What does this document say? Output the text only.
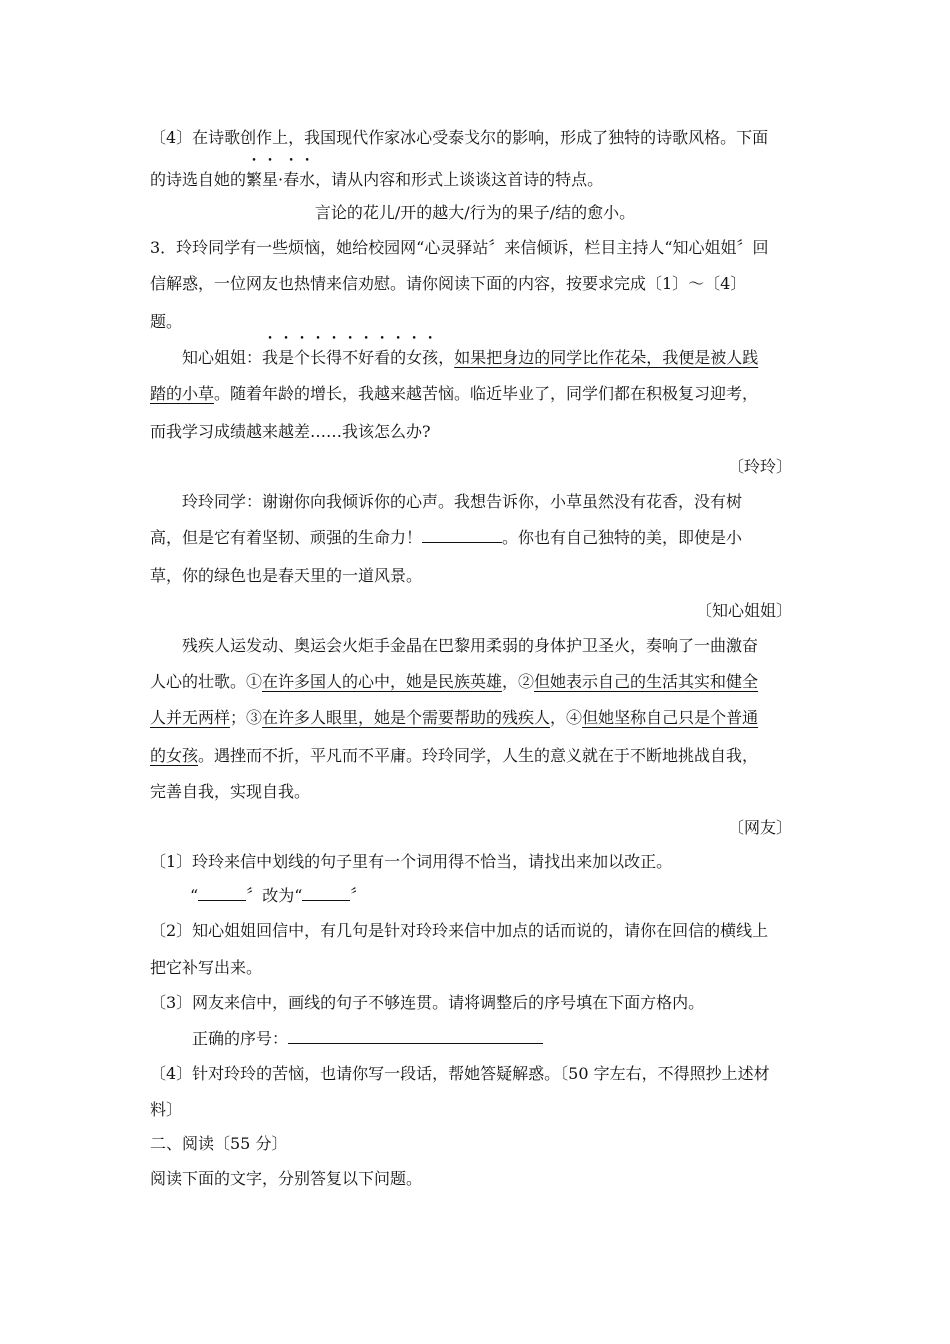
〔4〕在诗歌创作上，我国现代作家冰心受泰戈尔的影响，形成了独特的诗歌风格。下面
的诗选自她的繁星·春水，请从内容和形式上谈谈这首诗的特点。
言论的花儿/开的越大/行为的果子/结的愈小。
3．玲玲同学有一些烦恼，她给校园网“心灵驿站〞来信倾诉，栏目主持人“知心姐姐〞回
信解惑，一位网友也热情来信劝慰。请你阅读下面的内容，按要求完成〔1〕～〔4〕
题。
知心姐姐：我是个长得不好看的女孩，如果把身边的同学比作花朵，我便是被人践
踏的小草。随着年龄的增长，我越来越苦恼。临近毕业了，同学们都在积极复习迎考，
而我学习成绩越来越差……我该怎么办?
〔玲玲〕
玲玲同学：谢谢你向我倾诉你的心声。我想告诉你，小草虽然没有花香，没有树
高，但是它有着坚韧、顽强的生命力！	。你也有自己独特的美，即使是小
草，你的绿色也是春天里的一道风景。
〔知心姐姐〕
残疾人运发动、奥运会火炬手金晶在巴黎用柔弱的身体护卫圣火，奏响了一曲激奋
人心的壮歌。①在许多国人的心中，她是民族英雄，②但她表示自己的生活其实和健全
人并无两样；③在许多人眼里，她是个需要帮助的残疾人，④但她坚称自己只是个普通
的女孩。遇挫而不折，平凡而不平庸。玲玲同学，人生的意义就在于不断地挑战自我，
完善自我，实现自我。
〔网友〕
〔1〕玲玲来信中划线的句子里有一个词用得不恰当，请找出来加以改正。
“	〞改为“	〞
〔2〕知心姐姐回信中，有几句是针对玲玲来信中加点的话而说的，请你在回信的横线上
把它补写出来。
〔3〕网友来信中，画线的句子不够连贯。请将调整后的序号填在下面方格内。
正确的序号：
〔4〕针对玲玲的苦恼，也请你写一段话，帮她答疑解惑。〔50 字左右，不得照抄上述材
料〕
二、阅读〔55 分〕
阅读下面的文字，分别答复以下问题。
